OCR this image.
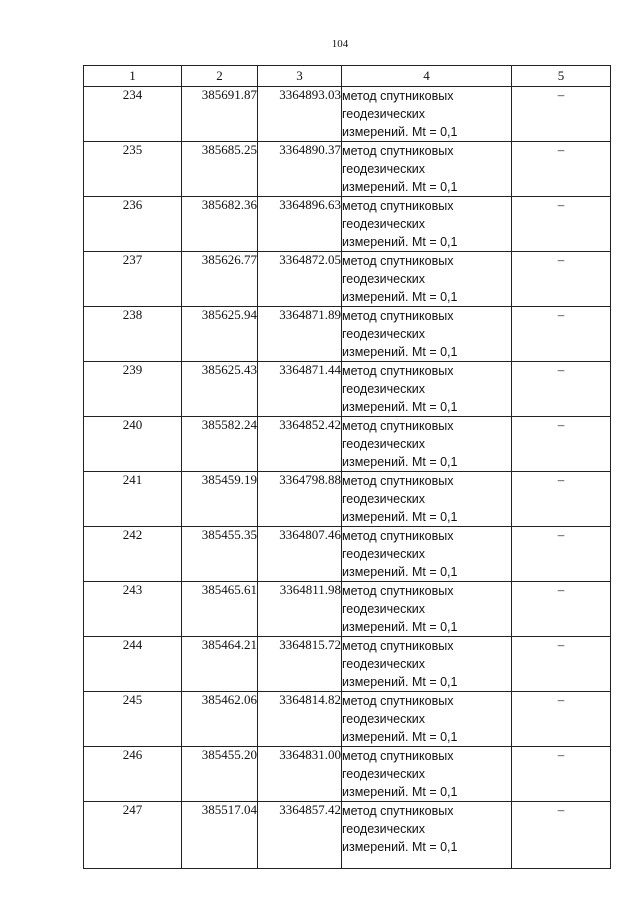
104
1	2	3	4	5
234	385691.87	3364893.03	метод спутниковых
геодезических
измерений. Mt = 0,1	–
235	385685.25	3364890.37	метод спутниковых
геодезических
измерений. Mt = 0,1	–
236	385682.36	3364896.63	метод спутниковых
геодезических
измерений. Mt = 0,1	–
237	385626.77	3364872.05	метод спутниковых
геодезических
измерений. Mt = 0,1	–
238	385625.94	3364871.89	метод спутниковых
геодезических
измерений. Mt = 0,1	–
239	385625.43	3364871.44	метод спутниковых
геодезических
измерений. Mt = 0,1	–
240	385582.24	3364852.42	метод спутниковых
геодезических
измерений. Mt = 0,1	–
241	385459.19	3364798.88	метод спутниковых
геодезических
измерений. Mt = 0,1	–
242	385455.35	3364807.46	метод спутниковых
геодезических
измерений. Mt = 0,1	–
243	385465.61	3364811.98	метод спутниковых
геодезических
измерений. Mt = 0,1	–
244	385464.21	3364815.72	метод спутниковых
геодезических
измерений. Mt = 0,1	–
245	385462.06	3364814.82	метод спутниковых
геодезических
измерений. Mt = 0,1	–
246	385455.20	3364831.00	метод спутниковых
геодезических
измерений. Mt = 0,1	–
247	385517.04	3364857.42	метод спутниковых
геодезических
измерений. Mt = 0,1	–
